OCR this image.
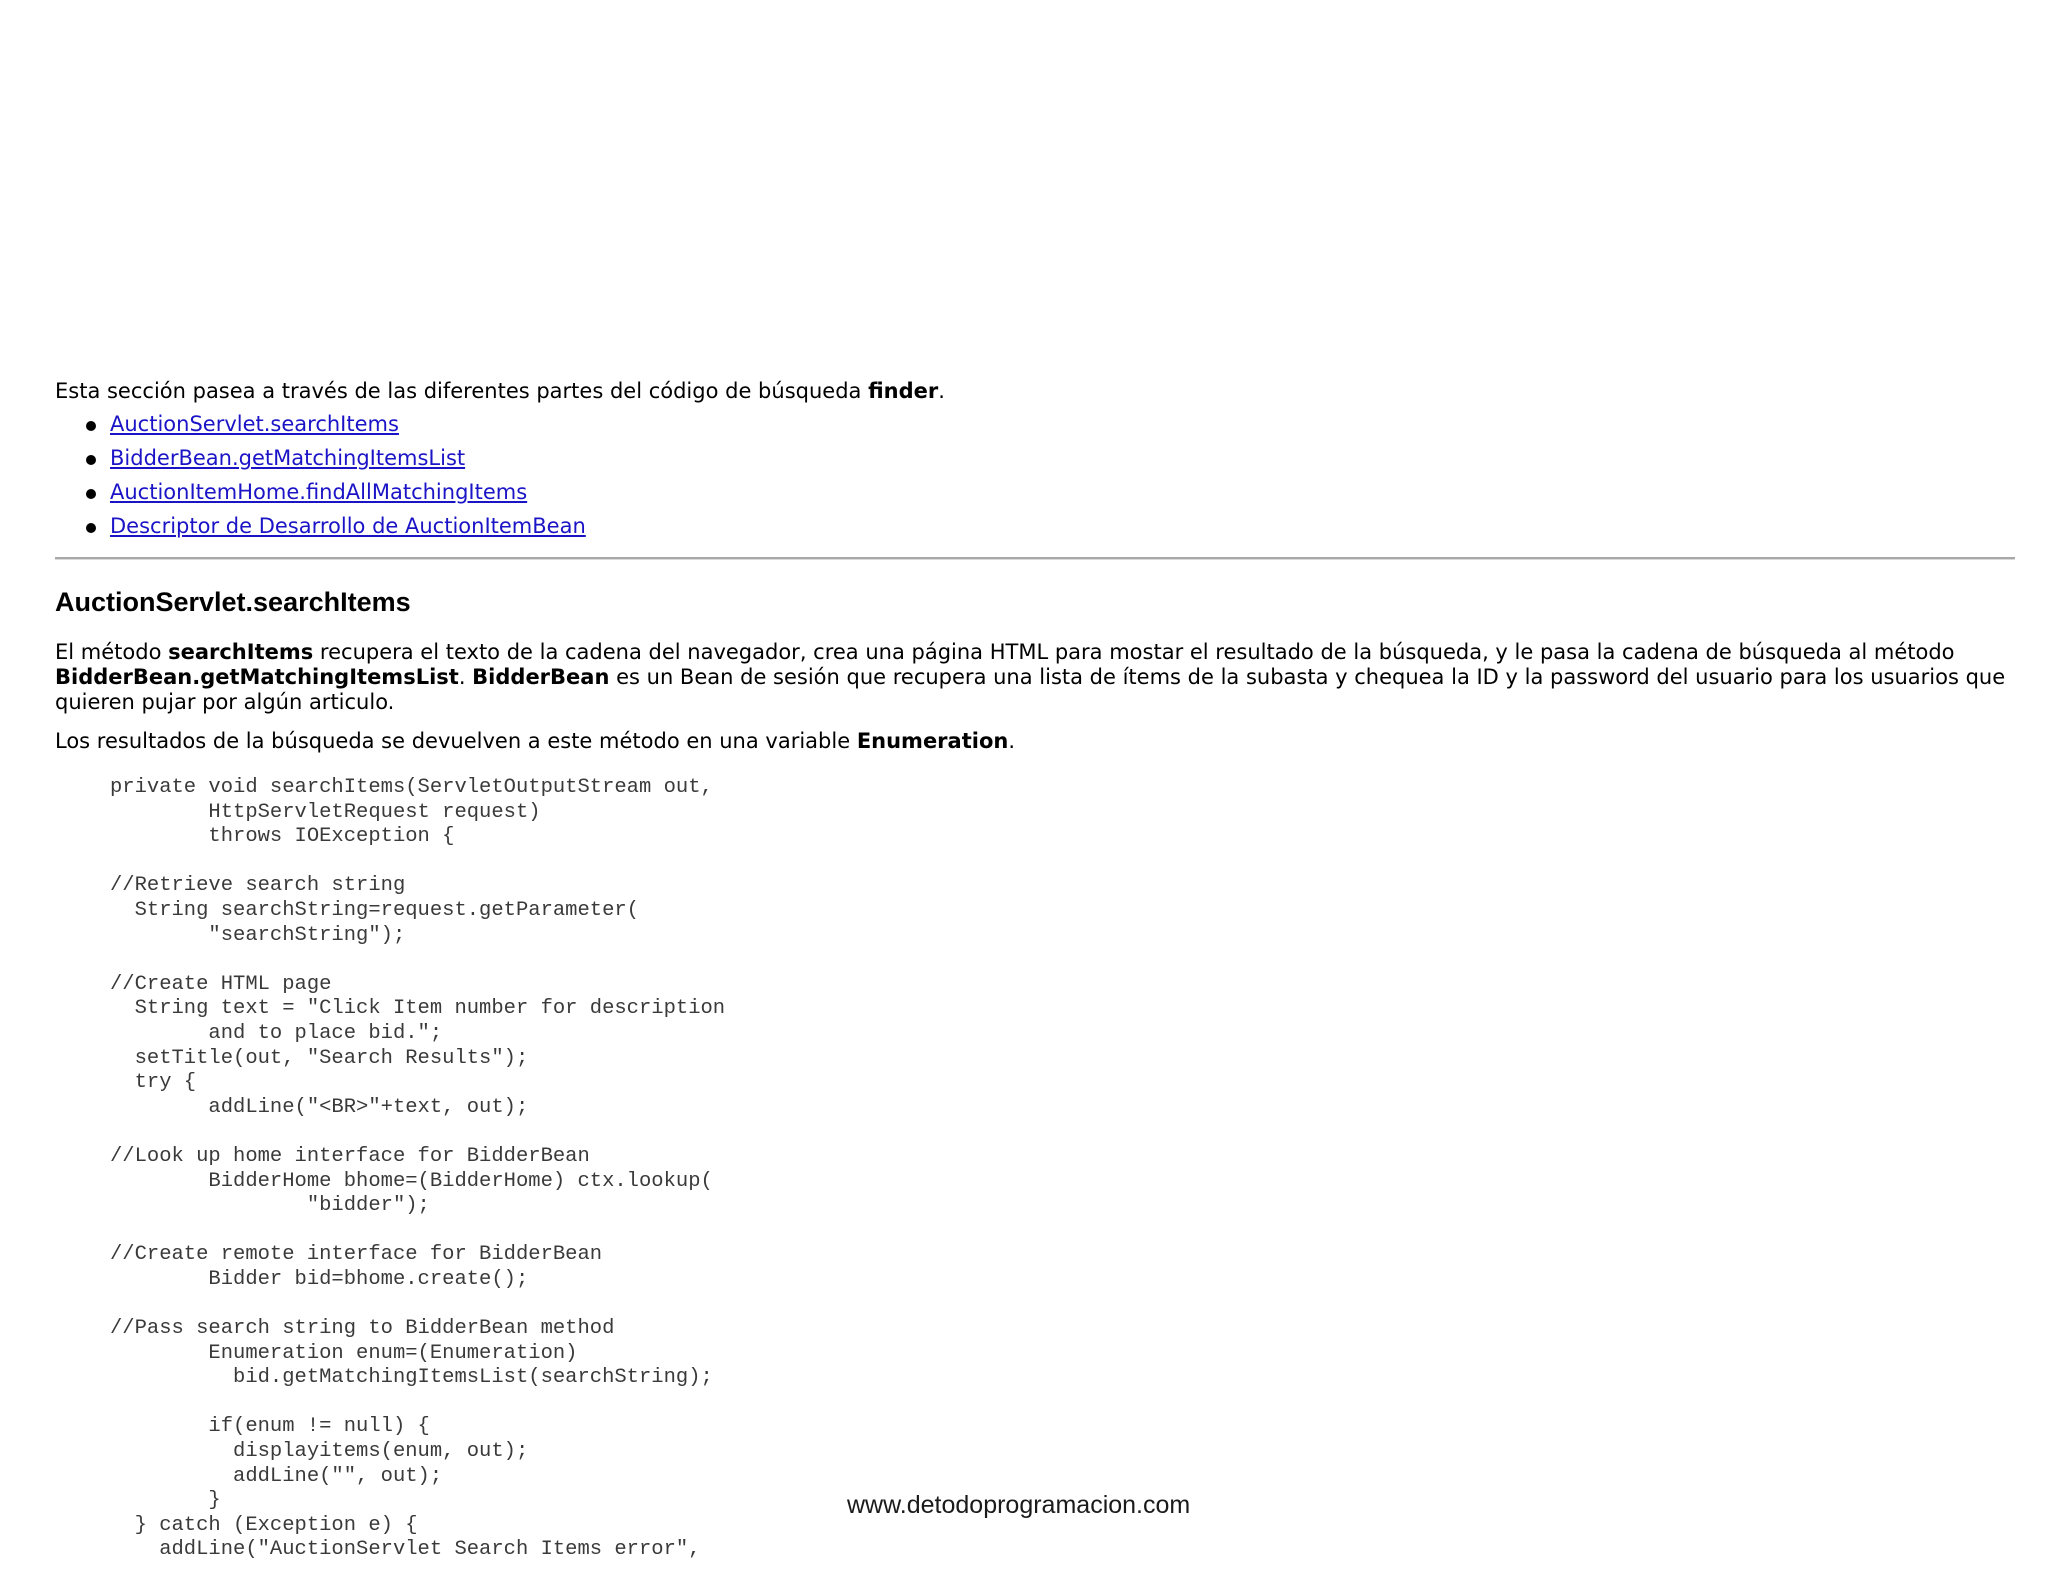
Esta sección pasea a través de las diferentes partes del código de búsqueda finder.

AuctionServlet.searchItems
BidderBean.getMatchingItemsList
AuctionItemHome.findAllMatchingItems
Descriptor de Desarrollo de AuctionItemBean
AuctionServlet.searchItems

El método searchItems recupera el texto de la cadena del navegador, crea una página HTML para mostar el resultado de la búsqueda, y le pasa la cadena de búsqueda al método BidderBean.getMatchingItemsList. BidderBean es un Bean de sesión que recupera una lista de ítems de la subasta y chequea la ID y la password del usuario para los usuarios que quieren pujar por algún articulo.

Los resultados de la búsqueda se devuelven a este método en una variable Enumeration.

private void searchItems(ServletOutputStream out,
HttpServletRequest request)
throws IOException {

//Retrieve search string
String searchString=request.getParameter(
"searchString");

//Create HTML page
String text = "Click Item number for description
and to place bid.";
setTitle(out, "Search Results");
try {
addLine("<BR>"+text, out);

//Look up home interface for BidderBean
BidderHome bhome=(BidderHome) ctx.lookup(
"bidder");

//Create remote interface for BidderBean
Bidder bid=bhome.create();

//Pass search string to BidderBean method
Enumeration enum=(Enumeration)
bid.getMatchingItemsList(searchString);

if(enum != null) {
displayitems(enum, out);
addLine("", out);
}
} catch (Exception e) {
addLine("AuctionServlet Search Items error",
www.detodoprogramacion.com
